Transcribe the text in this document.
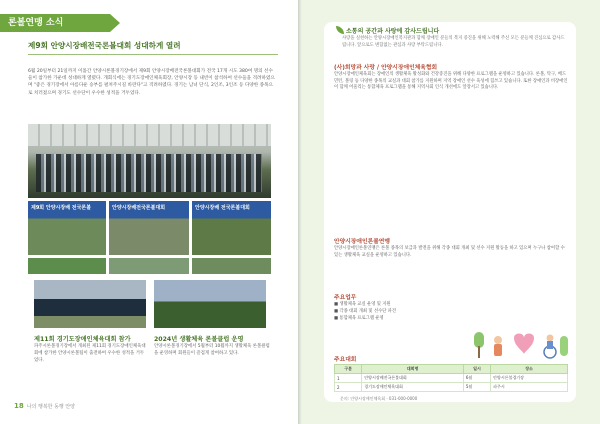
론볼연맹 소식
제9회 안양시장배전국론볼대회 성대하게 열려
6월 20일부터 21일까지 이틀간 안양시론볼경기장에서 제9회 안양시장배전국론볼대회가 전국 17개 시도 380여 명의 선수들이 참가한 가운데 성대하게 열렸다. 개회식에는 경기도장애인체육회장, 안양시장 등 내빈이 참석하여 선수들을 격려하였으며 "좋은 경기장에서 아름다운 승부를 펼쳐주시길 바란다"고 격려하였다. 경기는 남녀 단식, 2인조, 3인조 등 다양한 종목으로 치러졌으며 경기도 선수단이 우수한 성적을 거두었다.
제9회 안양시장배 전국론볼	안양시장배전국론볼대회	안양시장배 전국론볼대회
제11회 경기도장애인체육대회 참가
파주시론볼경기장에서 개최된 제11회 경기도장애인체육대회에 참가한 안양시론볼팀이 출전하여 우수한 성적을 거두었다.
2024년 생활체육 론볼클럽 운영
안양시론볼경기장에서 5월부터 10월까지 생활체육 론볼클럽을 운영하며 회원들이 즐겁게 참여하고 있다.
18 나의 행복한 동행 안양
소통의 공간과 사랑에 감사드립니다
사랑을 실천하는 안양시장애인복지관과 함께 장애인 분들의 복지 증진을 위해 노력해 주신 모든 분들께 진심으로 감사드립니다. 앞으로도 변함없는 관심과 사랑 부탁드립니다.
(사)희망과 사랑 / 안양시장애인체육협회
안양시장애인체육회는 장애인의 생활체육 활성화와 건강증진을 위해 다양한 프로그램을 운영하고 있습니다. 론볼, 탁구, 배드민턴, 볼링 등 다양한 종목의 교실과 대회 참가를 지원하며 지역 장애인 선수 육성에 힘쓰고 있습니다. 또한 장애인과 비장애인이 함께 어울리는 통합체육 프로그램을 통해 지역사회 인식 개선에도 앞장서고 있습니다.
안양시장애인론볼연맹
안양시장애인론볼연맹은 론볼 종목의 보급과 발전을 위해 각종 대회 개최 및 선수 지원 활동을 하고 있으며 누구나 참여할 수 있는 생활체육 교실을 운영하고 있습니다.
주요업무
■ 생활체육 교실 운영 및 지원
■ 각종 대회 개최 및 선수단 파견
■ 통합체육 프로그램 운영
주요대회
구분	대회명	일시	장소
1	안양시장배전국론볼대회	6월	안양시론볼경기장
2	경기도장애인체육대회	5월	파주시
문의: 안양시장애인체육회 · 031-000-0000
